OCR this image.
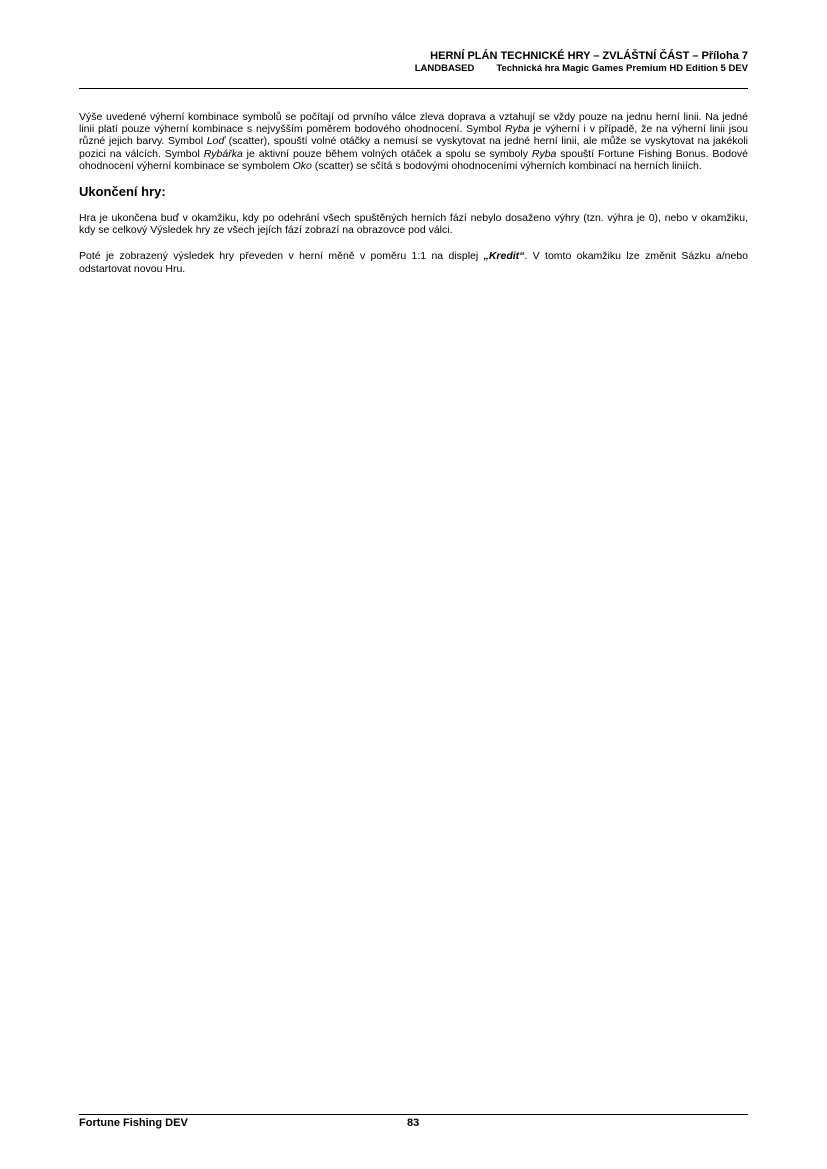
HERNÍ PLÁN TECHNICKÉ HRY – ZVLÁŠTNÍ ČÁST – Příloha 7
LANDBASED Technická hra Magic Games Premium HD Edition 5 DEV

Výše uvedené výherní kombinace symbolů se počítají od prvního válce zleva doprava a vztahují se vždy pouze na jednu herní linii. Na jedné linii platí pouze výherní kombinace s nejvyšším poměrem bodového ohodnocení. Symbol Ryba je výherní i v případě, že na výherní linii jsou různé jejich barvy. Symbol Loď (scatter), spouští volné otáčky a nemusí se vyskytovat na jedné herní linii, ale může se vyskytovat na jakékoli pozici na válcích. Symbol Rybářka je aktivní pouze během volných otáček a spolu se symboly Ryba spouští Fortune Fishing Bonus. Bodové ohodnocení výherní kombinace se symbolem Oko (scatter) se sčítá s bodovými ohodnoceními výherních kombinací na herních liniích.

Ukončení hry:

Hra je ukončena buď v okamžiku, kdy po odehrání všech spuštěných herních fází nebylo dosaženo výhry (tzn. výhra je 0), nebo v okamžiku, kdy se celkový Výsledek hry ze všech jejích fází zobrazí na obrazovce pod válci.

Poté je zobrazený výsledek hry převeden v herní měně v poměru 1:1 na displej „Kredit“. V tomto okamžiku lze změnit Sázku a/nebo odstartovat novou Hru.

Fortune Fishing DEV	83
